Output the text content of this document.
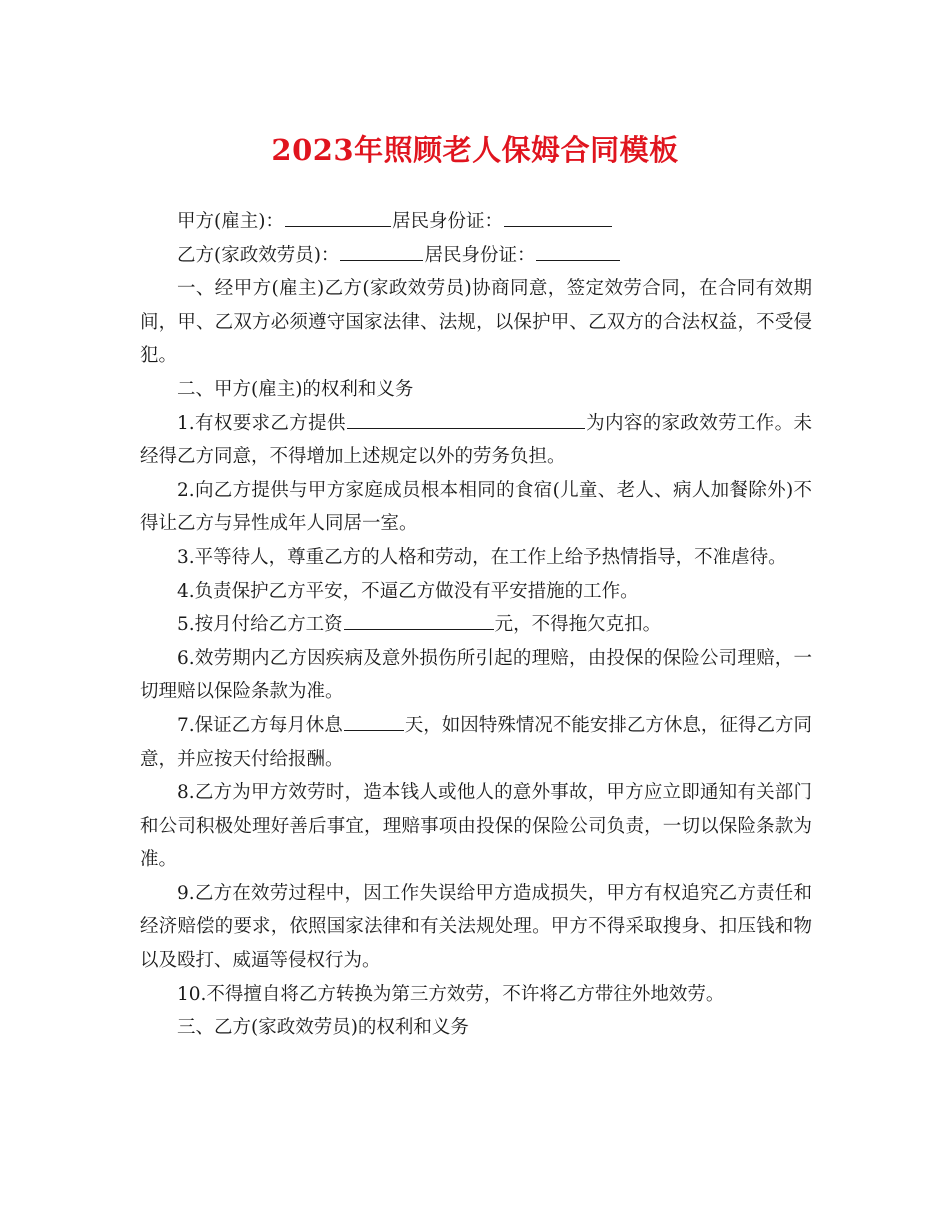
2023年照顾老人保姆合同模板

甲方(雇主)：	居民身份证：

乙方(家政效劳员)：	居民身份证：

一、经甲方(雇主)乙方(家政效劳员)协商同意，签定效劳合同，在合同有效期间，甲、乙双方必须遵守国家法律、法规，以保护甲、乙双方的合法权益，不受侵犯。

二、甲方(雇主)的权利和义务

1.有权要求乙方提供	为内容的家政效劳工作。未经得乙方同意，不得增加上述规定以外的劳务负担。

2.向乙方提供与甲方家庭成员根本相同的食宿(儿童、老人、病人加餐除外)不得让乙方与异性成年人同居一室。

3.平等待人，尊重乙方的人格和劳动，在工作上给予热情指导，不准虐待。

4.负责保护乙方平安，不逼乙方做没有平安措施的工作。

5.按月付给乙方工资	元，不得拖欠克扣。

6.效劳期内乙方因疾病及意外损伤所引起的理赔，由投保的保险公司理赔，一切理赔以保险条款为准。

7.保证乙方每月休息	天，如因特殊情况不能安排乙方休息，征得乙方同意，并应按天付给报酬。

8.乙方为甲方效劳时，造本钱人或他人的意外事故，甲方应立即通知有关部门和公司积极处理好善后事宜，理赔事项由投保的保险公司负责，一切以保险条款为准。

9.乙方在效劳过程中，因工作失误给甲方造成损失，甲方有权追究乙方责任和经济赔偿的要求，依照国家法律和有关法规处理。甲方不得采取搜身、扣压钱和物以及殴打、威逼等侵权行为。

10.不得擅自将乙方转换为第三方效劳，不许将乙方带往外地效劳。

三、乙方(家政效劳员)的权利和义务
